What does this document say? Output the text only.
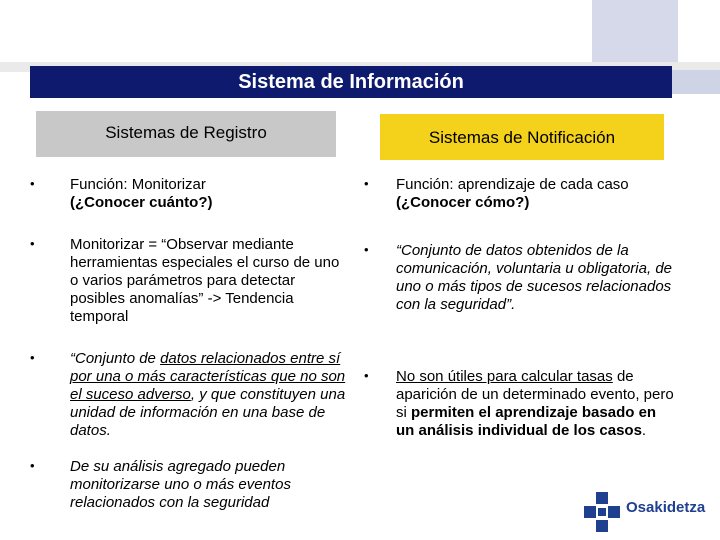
Sistema de Información
Sistemas de Registro	Sistemas de Notificación
• Función: Monitorizar
(¿Conocer cuánto?)
• Monitorizar = “Observar mediante herramientas especiales el curso de uno o varios parámetros para detectar posibles anomalías” -> Tendencia temporal
• “Conjunto de datos relacionados entre sí por una o más características que no son el suceso adverso, y que constituyen una unidad de información en una base de datos.
• De su análisis agregado pueden monitorizarse uno o más eventos relacionados con la seguridad
• Función: aprendizaje de cada caso
(¿Conocer cómo?)
• “Conjunto de datos obtenidos de la comunicación, voluntaria u obligatoria, de uno o más tipos de sucesos relacionados con la seguridad”.
• No son útiles para calcular tasas de aparición de un determinado evento, pero si permiten el aprendizaje basado en un análisis individual de los casos.
Osakidetza
